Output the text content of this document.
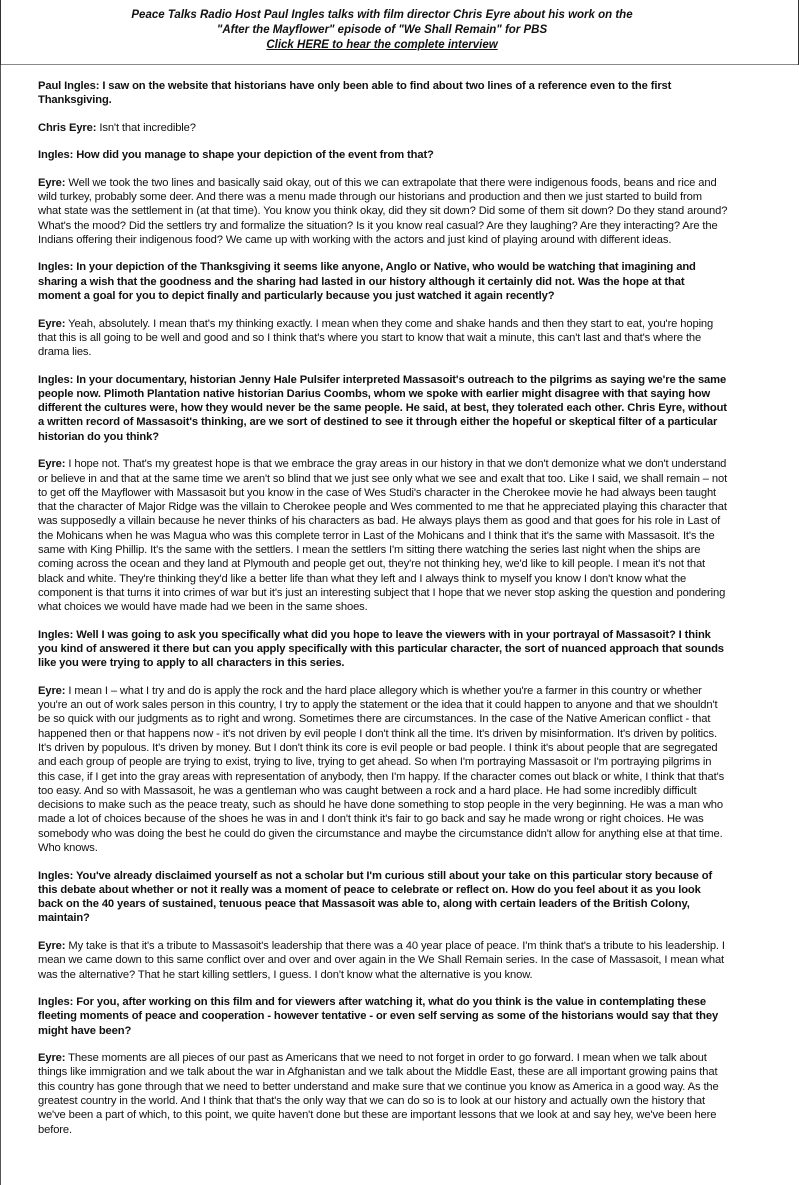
Peace Talks Radio Host Paul Ingles talks with film director Chris Eyre about his work on the
"After the Mayflower" episode of "We Shall Remain" for PBS
Click HERE to hear the complete interview

Paul Ingles: I saw on the website that historians have only been able to find about two lines of a reference even to the first Thanksgiving.

Chris Eyre: Isn't that incredible?

Ingles: How did you manage to shape your depiction of the event from that?

Eyre: Well we took the two lines and basically said okay, out of this we can extrapolate that there were indigenous foods, beans and rice and wild turkey, probably some deer. And there was a menu made through our historians and production and then we just started to build from what state was the settlement in (at that time). You know you think okay, did they sit down? Did some of them sit down? Do they stand around? What's the mood? Did the settlers try and formalize the situation? Is it you know real casual? Are they laughing? Are they interacting? Are the Indians offering their indigenous food? We came up with working with the actors and just kind of playing around with different ideas.

Ingles: In your depiction of the Thanksgiving it seems like anyone, Anglo or Native, who would be watching that imagining and sharing a wish that the goodness and the sharing had lasted in our history although it certainly did not. Was the hope at that moment a goal for you to depict finally and particularly because you just watched it again recently?

Eyre: Yeah, absolutely. I mean that's my thinking exactly. I mean when they come and shake hands and then they start to eat, you're hoping that this is all going to be well and good and so I think that's where you start to know that wait a minute, this can't last and that's where the drama lies.

Ingles: In your documentary, historian Jenny Hale Pulsifer interpreted Massasoit's outreach to the pilgrims as saying we're the same people now. Plimoth Plantation native historian Darius Coombs, whom we spoke with earlier might disagree with that saying how different the cultures were, how they would never be the same people. He said, at best, they tolerated each other. Chris Eyre, without a written record of Massasoit's thinking, are we sort of destined to see it through either the hopeful or skeptical filter of a particular historian do you think?

Eyre: I hope not. That's my greatest hope is that we embrace the gray areas in our history in that we don't demonize what we don't understand or believe in and that at the same time we aren't so blind that we just see only what we see and exalt that too. Like I said, we shall remain – not to get off the Mayflower with Massasoit but you know in the case of Wes Studi's character in the Cherokee movie he had always been taught that the character of Major Ridge was the villain to Cherokee people and Wes commented to me that he appreciated playing this character that was supposedly a villain because he never thinks of his characters as bad. He always plays them as good and that goes for his role in Last of the Mohicans when he was Magua who was this complete terror in Last of the Mohicans and I think that it's the same with Massasoit. It's the same with King Phillip. It's the same with the settlers. I mean the settlers I'm sitting there watching the series last night when the ships are coming across the ocean and they land at Plymouth and people get out, they're not thinking hey, we'd like to kill people. I mean it's not that black and white. They're thinking they'd like a better life than what they left and I always think to myself you know I don't know what the component is that turns it into crimes of war but it's just an interesting subject that I hope that we never stop asking the question and pondering what choices we would have made had we been in the same shoes.

Ingles: Well I was going to ask you specifically what did you hope to leave the viewers with in your portrayal of Massasoit? I think you kind of answered it there but can you apply specifically with this particular character, the sort of nuanced approach that sounds like you were trying to apply to all characters in this series.

Eyre: I mean I – what I try and do is apply the rock and the hard place allegory which is whether you're a farmer in this country or whether you're an out of work sales person in this country, I try to apply the statement or the idea that it could happen to anyone and that we shouldn't be so quick with our judgments as to right and wrong. Sometimes there are circumstances. In the case of the Native American conflict - that happened then or that happens now - it's not driven by evil people I don't think all the time. It's driven by misinformation. It's driven by politics. It's driven by populous. It's driven by money. But I don't think its core is evil people or bad people. I think it's about people that are segregated and each group of people are trying to exist, trying to live, trying to get ahead. So when I'm portraying Massasoit or I'm portraying pilgrims in this case, if I get into the gray areas with representation of anybody, then I'm happy. If the character comes out black or white, I think that that's too easy. And so with Massasoit, he was a gentleman who was caught between a rock and a hard place. He had some incredibly difficult decisions to make such as the peace treaty, such as should he have done something to stop people in the very beginning. He was a man who made a lot of choices because of the shoes he was in and I don't think it's fair to go back and say he made wrong or right choices. He was somebody who was doing the best he could do given the circumstance and maybe the circumstance didn't allow for anything else at that time. Who knows.

Ingles: You've already disclaimed yourself as not a scholar but I'm curious still about your take on this particular story because of this debate about whether or not it really was a moment of peace to celebrate or reflect on. How do you feel about it as you look back on the 40 years of sustained, tenuous peace that Massasoit was able to, along with certain leaders of the British Colony, maintain?

Eyre: My take is that it's a tribute to Massasoit's leadership that there was a 40 year place of peace. I'm think that's a tribute to his leadership. I mean we came down to this same conflict over and over and over again in the We Shall Remain series. In the case of Massasoit, I mean what was the alternative? That he start killing settlers, I guess. I don't know what the alternative is you know.

Ingles: For you, after working on this film and for viewers after watching it, what do you think is the value in contemplating these fleeting moments of peace and cooperation - however tentative - or even self serving as some of the historians would say that they might have been?

Eyre: These moments are all pieces of our past as Americans that we need to not forget in order to go forward. I mean when we talk about things like immigration and we talk about the war in Afghanistan and we talk about the Middle East, these are all important growing pains that this country has gone through that we need to better understand and make sure that we continue you know as America in a good way. As the greatest country in the world. And I think that that's the only way that we can do so is to look at our history and actually own the history that we've been a part of which, to this point, we quite haven't done but these are important lessons that we look at and say hey, we've been here before.
